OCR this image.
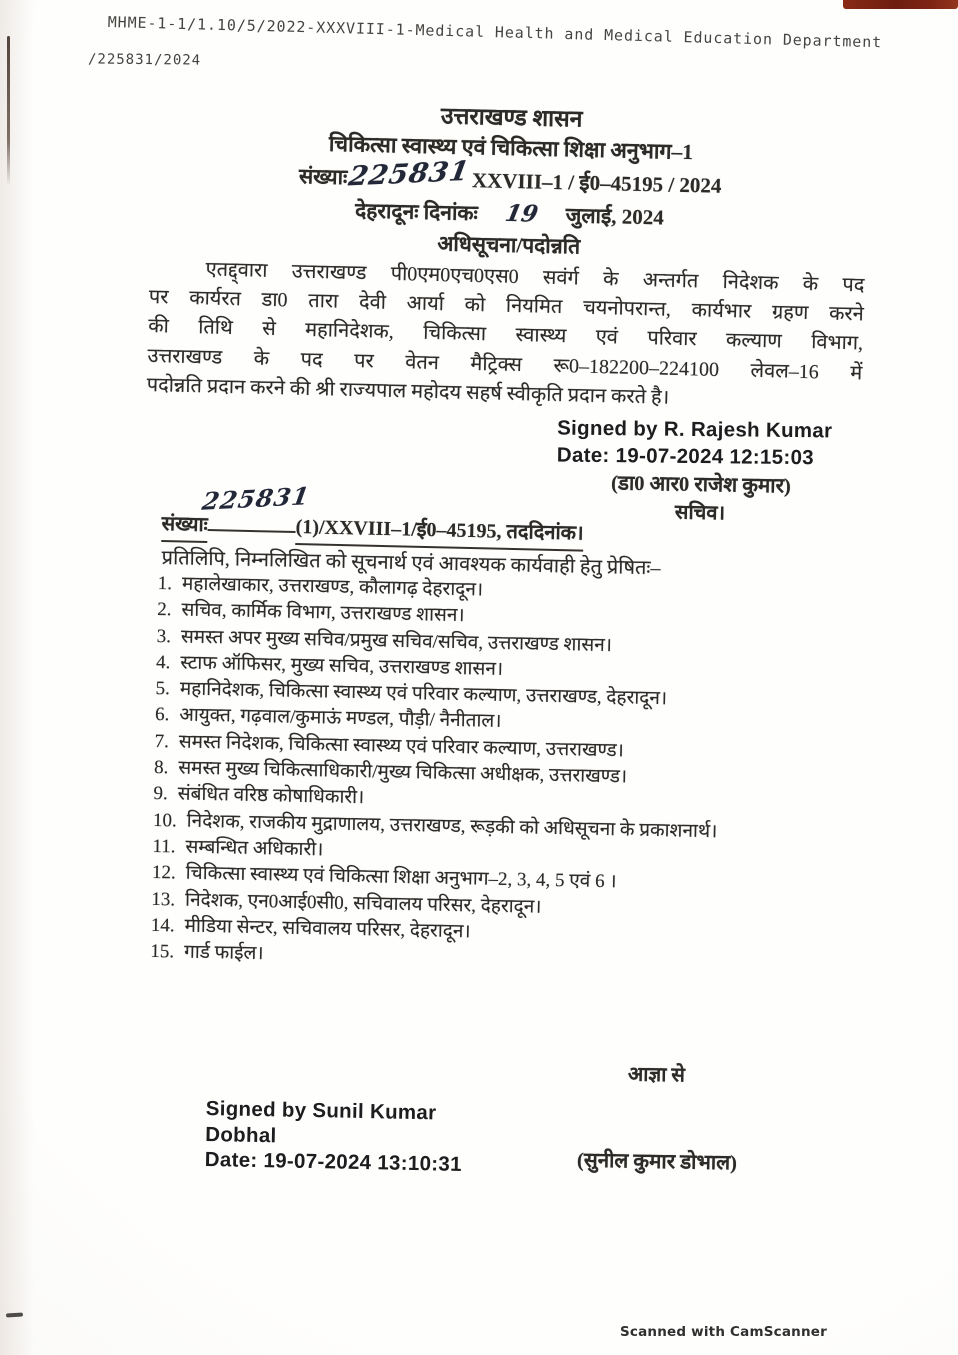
MHME-1-1/1.10/5/2022-XXXVIII-1-Medical Health and Medical Education Department
/225831/2024
उत्तराखण्ड शासन
चिकित्सा स्वास्थ्य एवं चिकित्सा शिक्षा अनुभाग–1
संख्याः225831XXVIII–1 / ई0–45195 / 2024
देहरादूनः दिनांकः 19 जुलाई, 2024
अधिसूचना/पदोन्नति
एतद्द्वारा उत्तराखण्ड पी0एम0एच0एस0 सवंर्ग के अन्तर्गत निदेशक के पद
पर कार्यरत डा0 तारा देवी आर्या को नियमित चयनोपरान्त, कार्यभार ग्रहण करने
की तिथि से महानिदेशक, चिकित्सा स्वास्थ्य एवं परिवार कल्याण विभाग,
उत्तराखण्ड के पद पर वेतन मैट्रिक्स रू0–182200–224100 लेवल–16 में
पदोन्नति प्रदान करने की श्री राज्यपाल महोदय सहर्ष स्वीकृति प्रदान करते है।
Signed by R. Rajesh Kumar
Date: 19-07-2024 12:15:03
(डा0 आर0 राजेश कुमार)
सचिव।
225831
संख्याः	(1)/XXVIII–1/ई0–45195, तददिनांक।
प्रतिलिपि, निम्नलिखित को सूचनार्थ एवं आवश्यक कार्यवाही हेतु प्रेषितः–
1. महालेखाकार, उत्तराखण्ड, कौलागढ़ देहरादून।
2. सचिव, कार्मिक विभाग, उत्तराखण्ड शासन।
3. समस्त अपर मुख्य सचिव/प्रमुख सचिव/सचिव, उत्तराखण्ड शासन।
4. स्टाफ ऑफिसर, मुख्य सचिव, उत्तराखण्ड शासन।
5. महानिदेशक, चिकित्सा स्वास्थ्य एवं परिवार कल्याण, उत्तराखण्ड, देहरादून।
6. आयुक्त, गढ़वाल/कुमाऊं मण्डल, पौड़ी/ नैनीताल।
7. समस्त निदेशक, चिकित्सा स्वास्थ्य एवं परिवार कल्याण, उत्तराखण्ड।
8. समस्त मुख्य चिकित्साधिकारी/मुख्य चिकित्सा अधीक्षक, उत्तराखण्ड।
9. संबंधित वरिष्ठ कोषाधिकारी।
10. निदेशक, राजकीय मुद्राणालय, उत्तराखण्ड, रूड़की को अधिसूचना के प्रकाशनार्थ।
11. सम्बन्धित अधिकारी।
12. चिकित्सा स्वास्थ्य एवं चिकित्सा शिक्षा अनुभाग–2, 3, 4, 5 एवं 6 ।
13. निदेशक, एन0आई0सी0, सचिवालय परिसर, देहरादून।
14. मीडिया सेन्टर, सचिवालय परिसर, देहरादून।
15. गार्ड फाईल।
आज्ञा से
Signed by Sunil Kumar
Dobhal
Date: 19-07-2024 13:10:31	(सुनील कुमार डोभाल)
Scanned with CamScanner
